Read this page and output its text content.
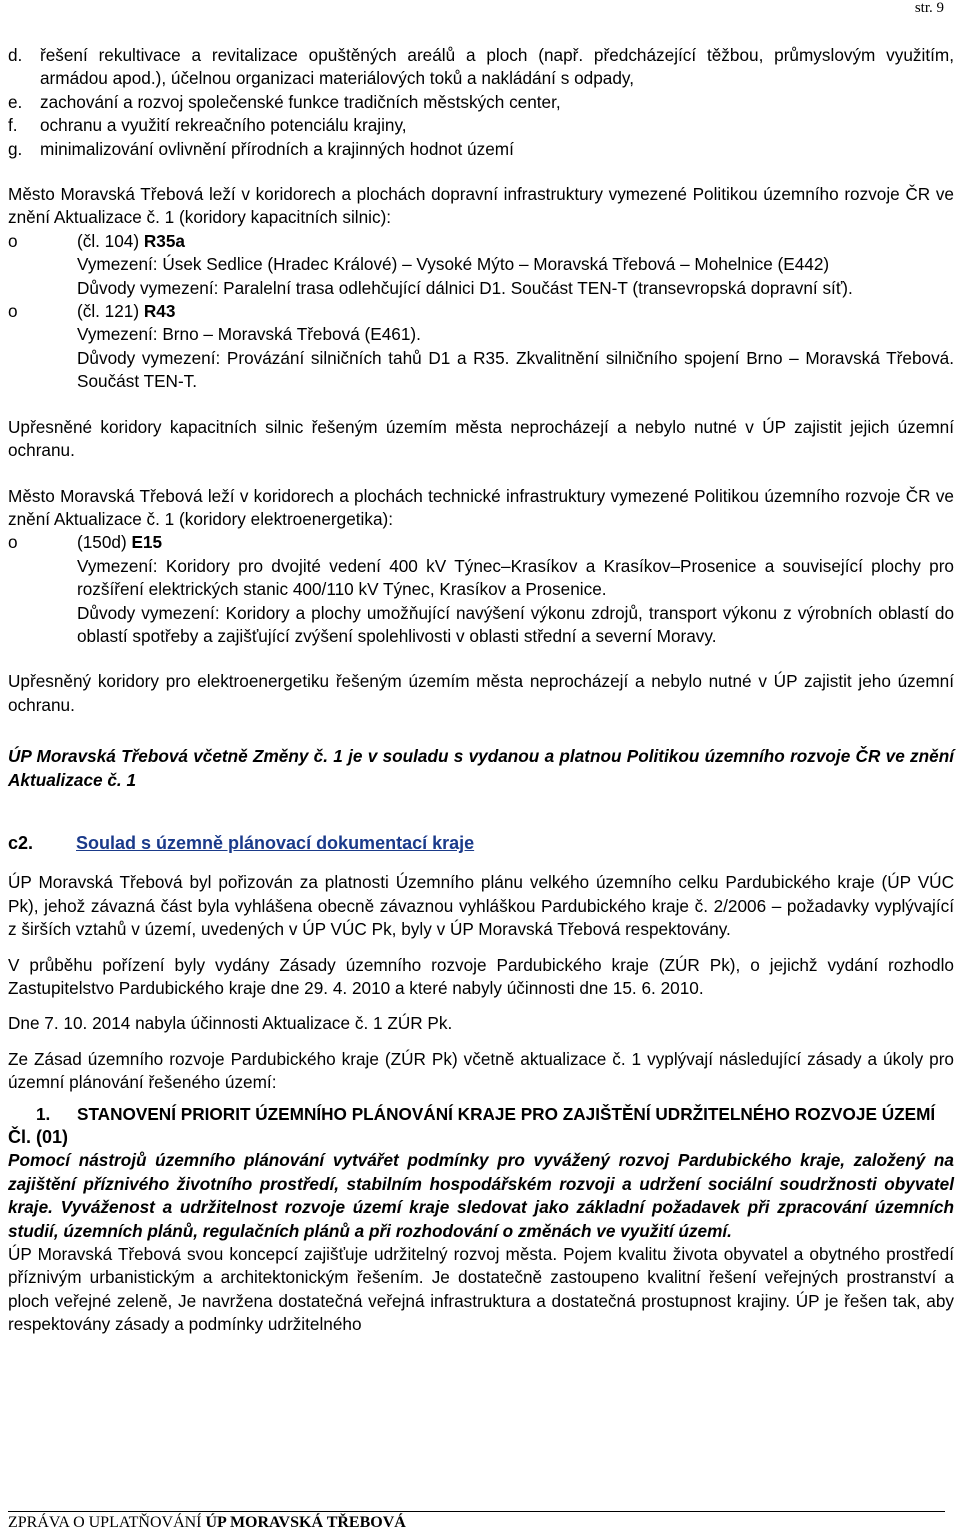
str. 9
d. řešení rekultivace a revitalizace opuštěných areálů a ploch (např. předcházející těžbou, průmyslovým využitím, armádou apod.), účelnou organizaci materiálových toků a nakládání s odpady,
e. zachování a rozvoj společenské funkce tradičních městských center,
f. ochranu a využití rekreačního potenciálu krajiny,
g. minimalizování ovlivnění přírodních a krajinných hodnot území

Město Moravská Třebová leží v koridorech a plochách dopravní infrastruktury vymezené Politikou územního rozvoje ČR ve znění Aktualizace č. 1 (koridory kapacitních silnic):

o	(čl. 104) R35a

Vymezení: Úsek Sedlice (Hradec Králové) – Vysoké Mýto – Moravská Třebová – Mohelnice (E442)

Důvody vymezení: Paralelní trasa odlehčující dálnici D1. Součást TEN-T (transevropská dopravní síť).

o	(čl. 121) R43

Vymezení: Brno – Moravská Třebová (E461).

Důvody vymezení: Provázání silničních tahů D1 a R35. Zkvalitnění silničního spojení Brno – Moravská Třebová. Součást TEN-T.

Upřesněné koridory kapacitních silnic řešeným územím města neprocházejí a nebylo nutné v ÚP zajistit jejich územní ochranu.

Město Moravská Třebová leží v koridorech a plochách technické infrastruktury vymezené Politikou územního rozvoje ČR ve znění Aktualizace č. 1 (koridory elektroenergetika):

o	(150d) E15

Vymezení: Koridory pro dvojité vedení 400 kV Týnec–Krasíkov a Krasíkov–Prosenice a související plochy pro rozšíření elektrických stanic 400/110 kV Týnec, Krasíkov a Prosenice.

Důvody vymezení: Koridory a plochy umožňující navýšení výkonu zdrojů, transport výkonu z výrobních oblastí do oblastí spotřeby a zajišťující zvýšení spolehlivosti v oblasti střední a severní Moravy.

Upřesněný koridory pro elektroenergetiku řešeným územím města neprocházejí a nebylo nutné v ÚP zajistit jeho územní ochranu.

ÚP Moravská Třebová včetně Změny č. 1 je v souladu s vydanou a platnou Politikou územního rozvoje ČR ve znění Aktualizace č. 1

c2.	Soulad s územně plánovací dokumentací kraje

ÚP Moravská Třebová byl pořizován za platnosti Územního plánu velkého územního celku Pardubického kraje (ÚP VÚC Pk), jehož závazná část byla vyhlášena obecně závaznou vyhláškou Pardubického kraje č. 2/2006 – požadavky vyplývající z širších vztahů v území, uvedených v ÚP VÚC Pk, byly v ÚP Moravská Třebová respektovány.

V průběhu pořízení byly vydány Zásady územního rozvoje Pardubického kraje (ZÚR Pk), o jejichž vydání rozhodlo Zastupitelstvo Pardubického kraje dne 29. 4. 2010 a které nabyly účinnosti dne 15. 6. 2010.

Dne 7. 10. 2014 nabyla účinnosti Aktualizace č. 1 ZÚR Pk.

Ze Zásad územního rozvoje Pardubického kraje (ZÚR Pk) včetně aktualizace č. 1 vyplývají následující zásady a úkoly pro územní plánování řešeného území:

1. STANOVENÍ PRIORIT ÚZEMNÍHO PLÁNOVÁNÍ KRAJE PRO ZAJIŠTĚNÍ UDRŽITELNÉHO ROZVOJE ÚZEMÍ
Čl. (01)

Pomocí nástrojů územního plánování vytvářet podmínky pro vyvážený rozvoj Pardubického kraje, založený na zajištění příznivého životního prostředí, stabilním hospodářském rozvoji a udržení sociální soudržnosti obyvatel kraje. Vyváženost a udržitelnost rozvoje území kraje sledovat jako základní požadavek při zpracování územních studií, územních plánů, regulačních plánů a při rozhodování o změnách ve využití území.

ÚP Moravská Třebová svou koncepcí zajišťuje udržitelný rozvoj města. Pojem kvalitu života obyvatel a obytného prostředí příznivým urbanistickým a architektonickým řešením. Je dostatečně zastoupeno kvalitní řešení veřejných prostranství a ploch veřejné zeleně, Je navržena dostatečná veřejná infrastruktura a dostatečná prostupnost krajiny. ÚP je řešen tak, aby respektovány zásady a podmínky udržitelného

ZPRÁVA O UPLATŇOVÁNÍ ÚP MORAVSKÁ TŘEBOVÁ
